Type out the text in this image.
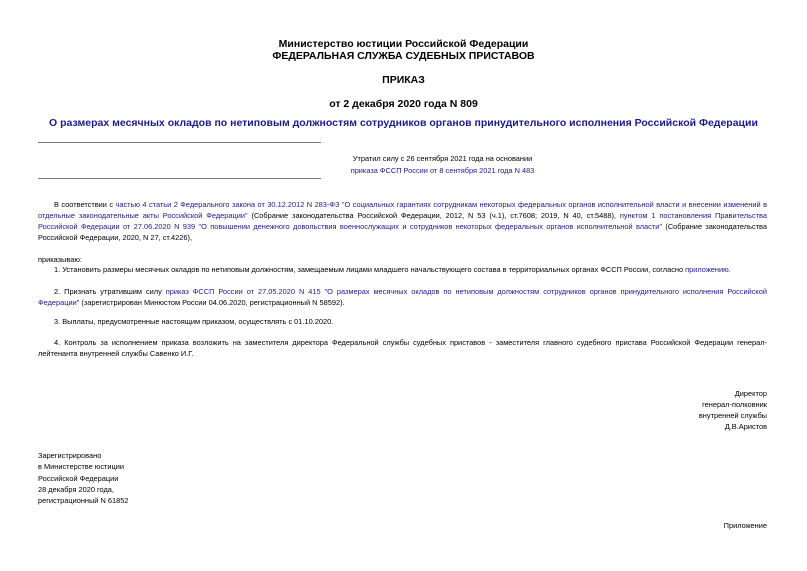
Министерство юстиции Российской Федерации
ФЕДЕРАЛЬНАЯ СЛУЖБА СУДЕБНЫХ ПРИСТАВОВ
ПРИКАЗ
от 2 декабря 2020 года N 809
О размерах месячных окладов по нетиповым должностям сотрудников органов принудительного исполнения Российской Федерации
Утратил силу с 26 сентября 2021 года на основании
приказа ФССП России от 8 сентября 2021 года N 483
В соответствии с частью 4 статьи 2 Федерального закона от 30.12.2012 N 283-ФЗ "О социальных гарантиях сотрудникам некоторых федеральных органов исполнительной власти и внесении изменений в отдельные законодательные акты Российской Федерации" (Собрание законодательства Российской Федерации, 2012, N 53 (ч.1), ст.7608; 2019, N 40, ст.5488), пунктом 1 постановления Правительства Российской Федерации от 27.06.2020 N 939 "О повышении денежного довольствия военнослужащих и сотрудников некоторых федеральных органов исполнительной власти" (Собрание законодательства Российской Федерации, 2020, N 27, ст.4226),
приказываю:
1. Установить размеры месячных окладов по нетиповым должностям, замещаемым лицами младшего начальствующего состава в территориальных органах ФССП России, согласно приложению.
2. Признать утратившим силу приказ ФССП России от 27.05.2020 N 415 "О размерах месячных окладов по нетиповым должностям сотрудников органов принудительного исполнения Российской Федерации" (зарегистрирован Минюстом России 04.06.2020, регистрационный N 58592).
3. Выплаты, предусмотренные настоящим приказом, осуществлять с 01.10.2020.
4. Контроль за исполнением приказа возложить на заместителя директора Федеральной службы судебных приставов - заместителя главного судебного пристава Российской Федерации генерал-лейтенанта внутренней службы Савенко И.Г.
Директор
генерал-полковник
внутренней службы
Д.В.Аристов
Зарегистрировано
в Министерстве юстиции
Российской Федерации
28 декабря 2020 года,
регистрационный N 61852
Приложение
